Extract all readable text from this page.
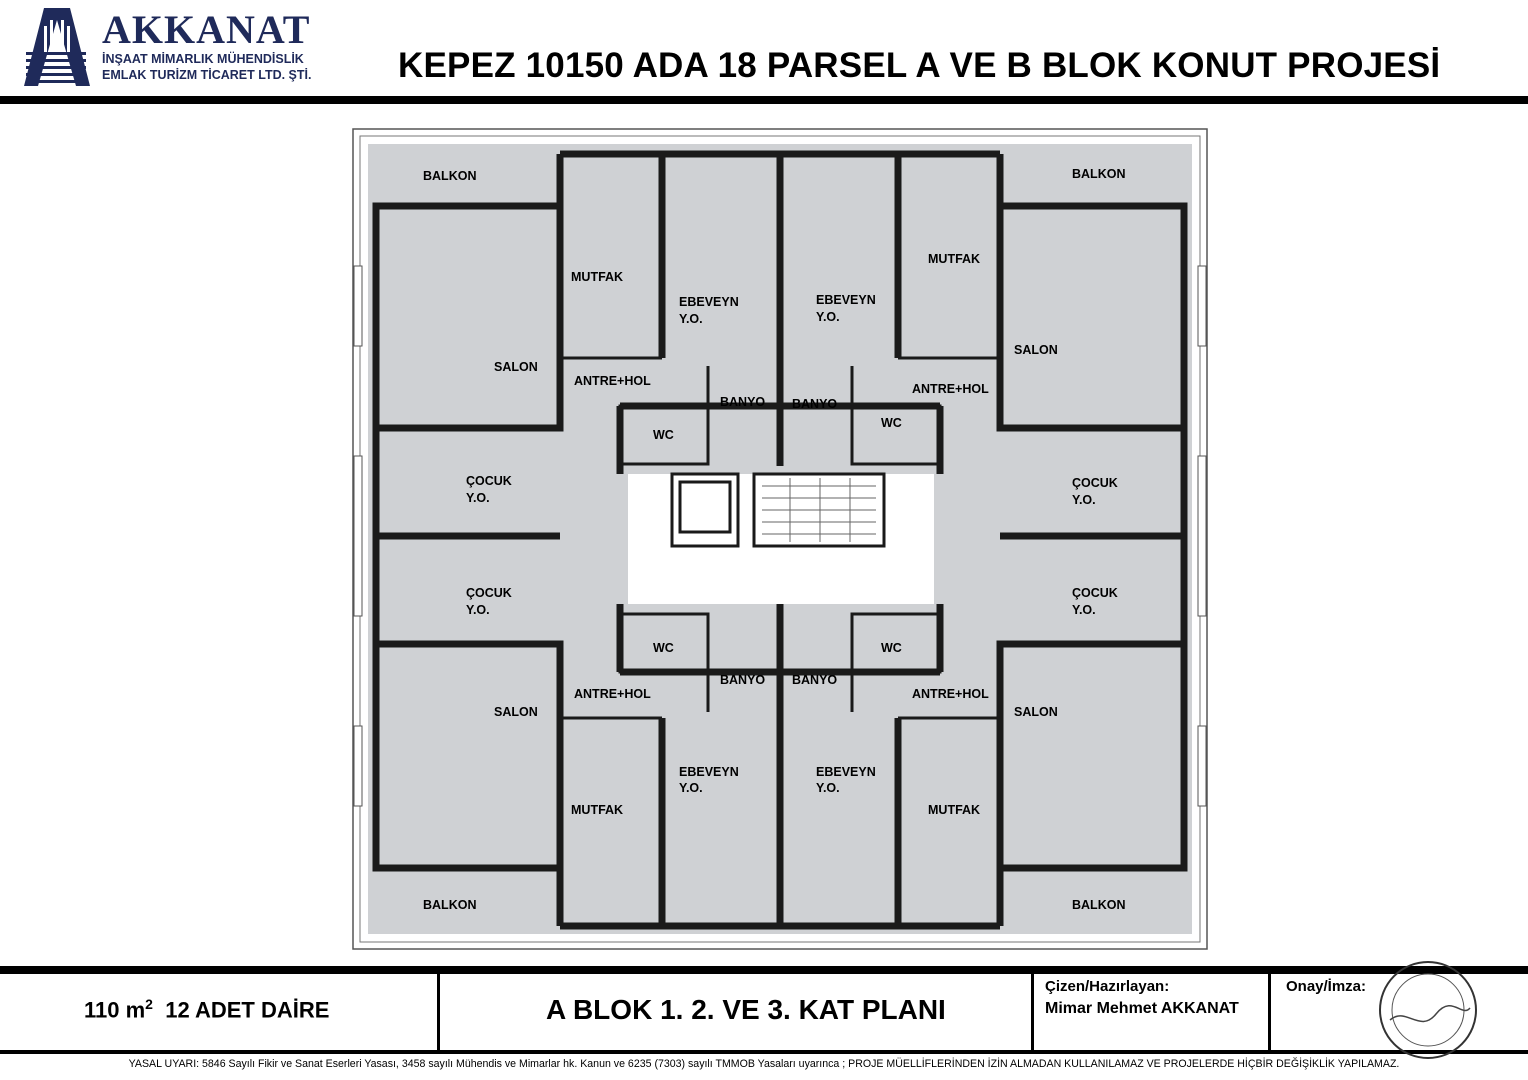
AKKANAT
İNŞAAT MİMARLIK MÜHENDİSLİK
EMLAK TURİZM TİCARET LTD. ŞTİ. KEPEZ 10150 ADA 18 PARSEL A VE B BLOK KONUT PROJESİ
BALKON	BALKON
BALKON	BALKON
MUTFAK
MUTFAK
MUTFAK	MUTFAK
EBEVEYN
Y.O.
EBEVEYN
Y.O.
EBEVEYN
Y.O.
EBEVEYN
Y.O.
SALON
SALON
SALON	SALON
ANTRE+HOL
ANTRE+HOL
ANTRE+HOL	ANTRE+HOL
BANYO BANYO
BANYO BANYO
WC
WC
WC	WC
ÇOCUK
Y.O.
ÇOCUK
Y.O.
ÇOCUK
Y.O.
ÇOCUK
Y.O.
110 $m^2$ 12 ADET DAİRE	A BLOK 1. 2. VE 3. KAT PLANI
Çizen/Hazırlayan:
Mimar Mehmet AKKANAT
Onay/İmza:
YASAL UYARI: 5846 Sayılı Fikir ve Sanat Eserleri Yasası, 3458 sayılı Mühendis ve Mimarlar hk. Kanun ve 6235 (7303) sayılı TMMOB Yasaları uyarınca ; PROJE MÜELLİFLERİNDEN İZİN ALMADAN KULLANILAMAZ VE PROJELERDE HİÇBİR DEĞİŞİKLİK YAPILAMAZ.
